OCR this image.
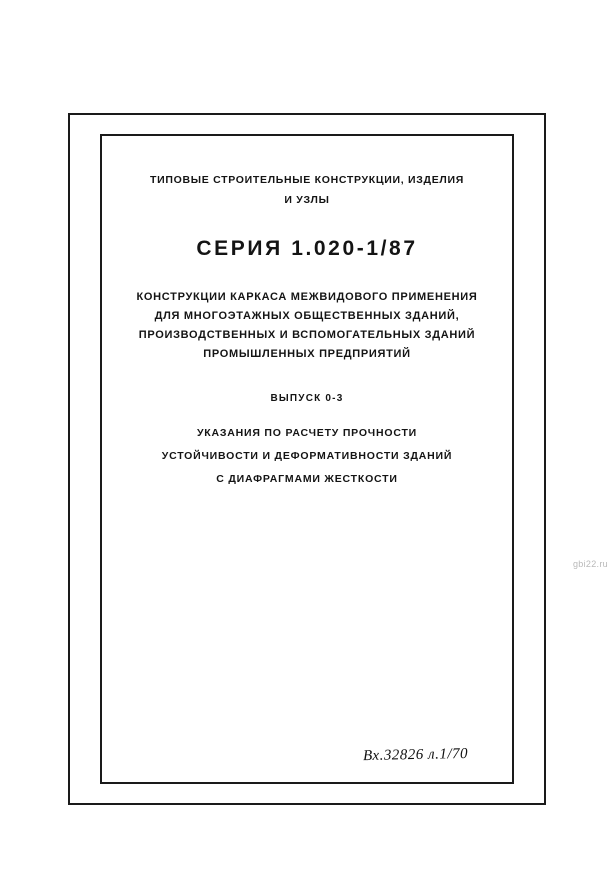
ТИПОВЫЕ СТРОИТЕЛЬНЫЕ КОНСТРУКЦИИ, ИЗДЕЛИЯ
И УЗЛЫ
СЕРИЯ 1.020-1/87
КОНСТРУКЦИИ КАРКАСА МЕЖВИДОВОГО ПРИМЕНЕНИЯ
ДЛЯ МНОГОЭТАЖНЫХ ОБЩЕСТВЕННЫХ ЗДАНИЙ,
ПРОИЗВОДСТВЕННЫХ И ВСПОМОГАТЕЛЬНЫХ ЗДАНИЙ
ПРОМЫШЛЕННЫХ ПРЕДПРИЯТИЙ
ВЫПУСК 0-3
УКАЗАНИЯ ПО РАСЧЕТУ ПРОЧНОСТИ
УСТОЙЧИВОСТИ И ДЕФОРМАТИВНОСТИ ЗДАНИЙ
С ДИАФРАГМАМИ ЖЕСТКОСТИ
Вх.32826 л.1/70
gbi22.ru
